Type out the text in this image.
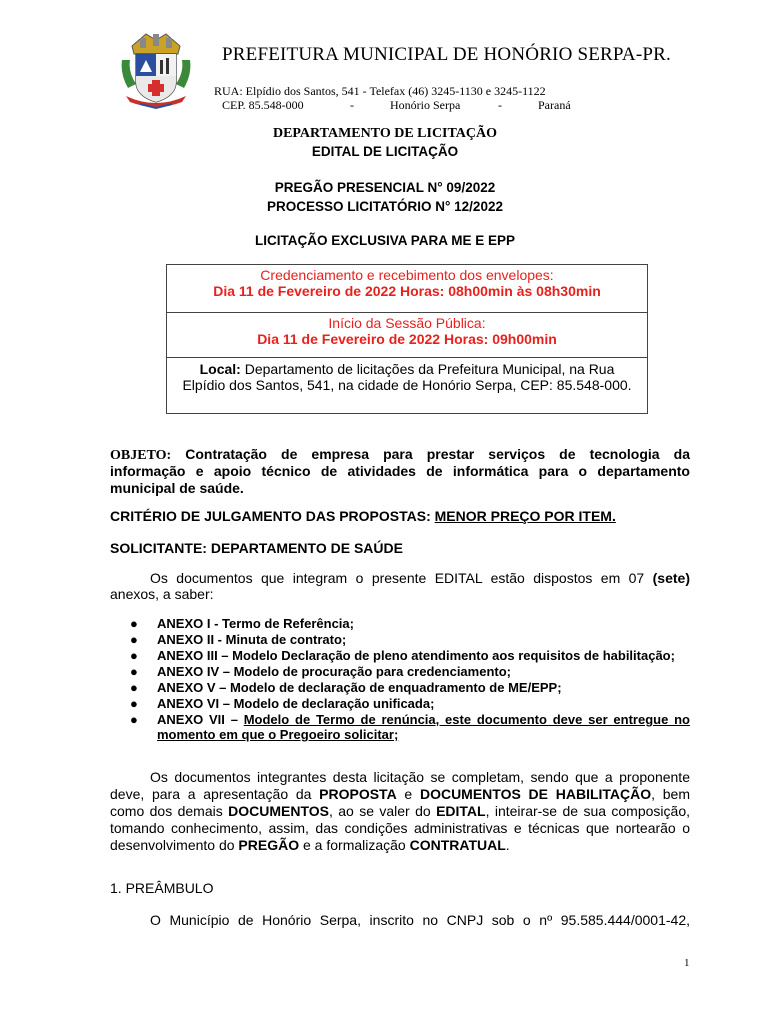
PREFEITURA MUNICIPAL DE HONÓRIO SERPA-PR.
RUA: Elpídio dos Santos, 541 - Telefax (46) 3245-1130 e 3245-1122
CEP. 85.548-000	-	Honório Serpa	-	Paraná
DEPARTAMENTO DE LICITAÇÃO
EDITAL DE LICITAÇÃO
PREGÃO PRESENCIAL N° 09/2022
PROCESSO LICITATÓRIO N° 12/2022
LICITAÇÃO EXCLUSIVA PARA ME E EPP
Credenciamento e recebimento dos envelopes:
Dia 11 de Fevereiro de 2022 Horas: 08h00min às 08h30min
Início da Sessão Pública:
Dia 11 de Fevereiro de 2022 Horas: 09h00min
Local: Departamento de licitações da Prefeitura Municipal, na Rua
Elpídio dos Santos, 541, na cidade de Honório Serpa, CEP: 85.548-000.
OBJETO: Contratação de empresa para prestar serviços de tecnologia da
informação e apoio técnico de atividades de informática para o departamento
municipal de saúde.
CRITÉRIO DE JULGAMENTO DAS PROPOSTAS: MENOR PREÇO POR ITEM.
SOLICITANTE: DEPARTAMENTO DE SAÚDE
Os documentos que integram o presente EDITAL estão dispostos em 07 (sete)
anexos, a saber:
● ANEXO I - Termo de Referência;
● ANEXO II - Minuta de contrato;
● ANEXO III – Modelo Declaração de pleno atendimento aos requisitos de habilitação;
● ANEXO IV – Modelo de procuração para credenciamento;
● ANEXO V – Modelo de declaração de enquadramento de ME/EPP;
● ANEXO VI – Modelo de declaração unificada;
● ANEXO VII – Modelo de Termo de renúncia, este documento deve ser entregue no
momento em que o Pregoeiro solicitar;
Os documentos integrantes desta licitação se completam, sendo que a proponente
deve, para a apresentação da PROPOSTA e DOCUMENTOS DE HABILITAÇÃO, bem
como dos demais DOCUMENTOS, ao se valer do EDITAL, inteirar-se de sua composição,
tomando conhecimento, assim, das condições administrativas e técnicas que nortearão o
desenvolvimento do PREGÃO e a formalização CONTRATUAL.
1. PREÂMBULO
O Município de Honório Serpa, inscrito no CNPJ sob o nº 95.585.444/0001-42,
1
